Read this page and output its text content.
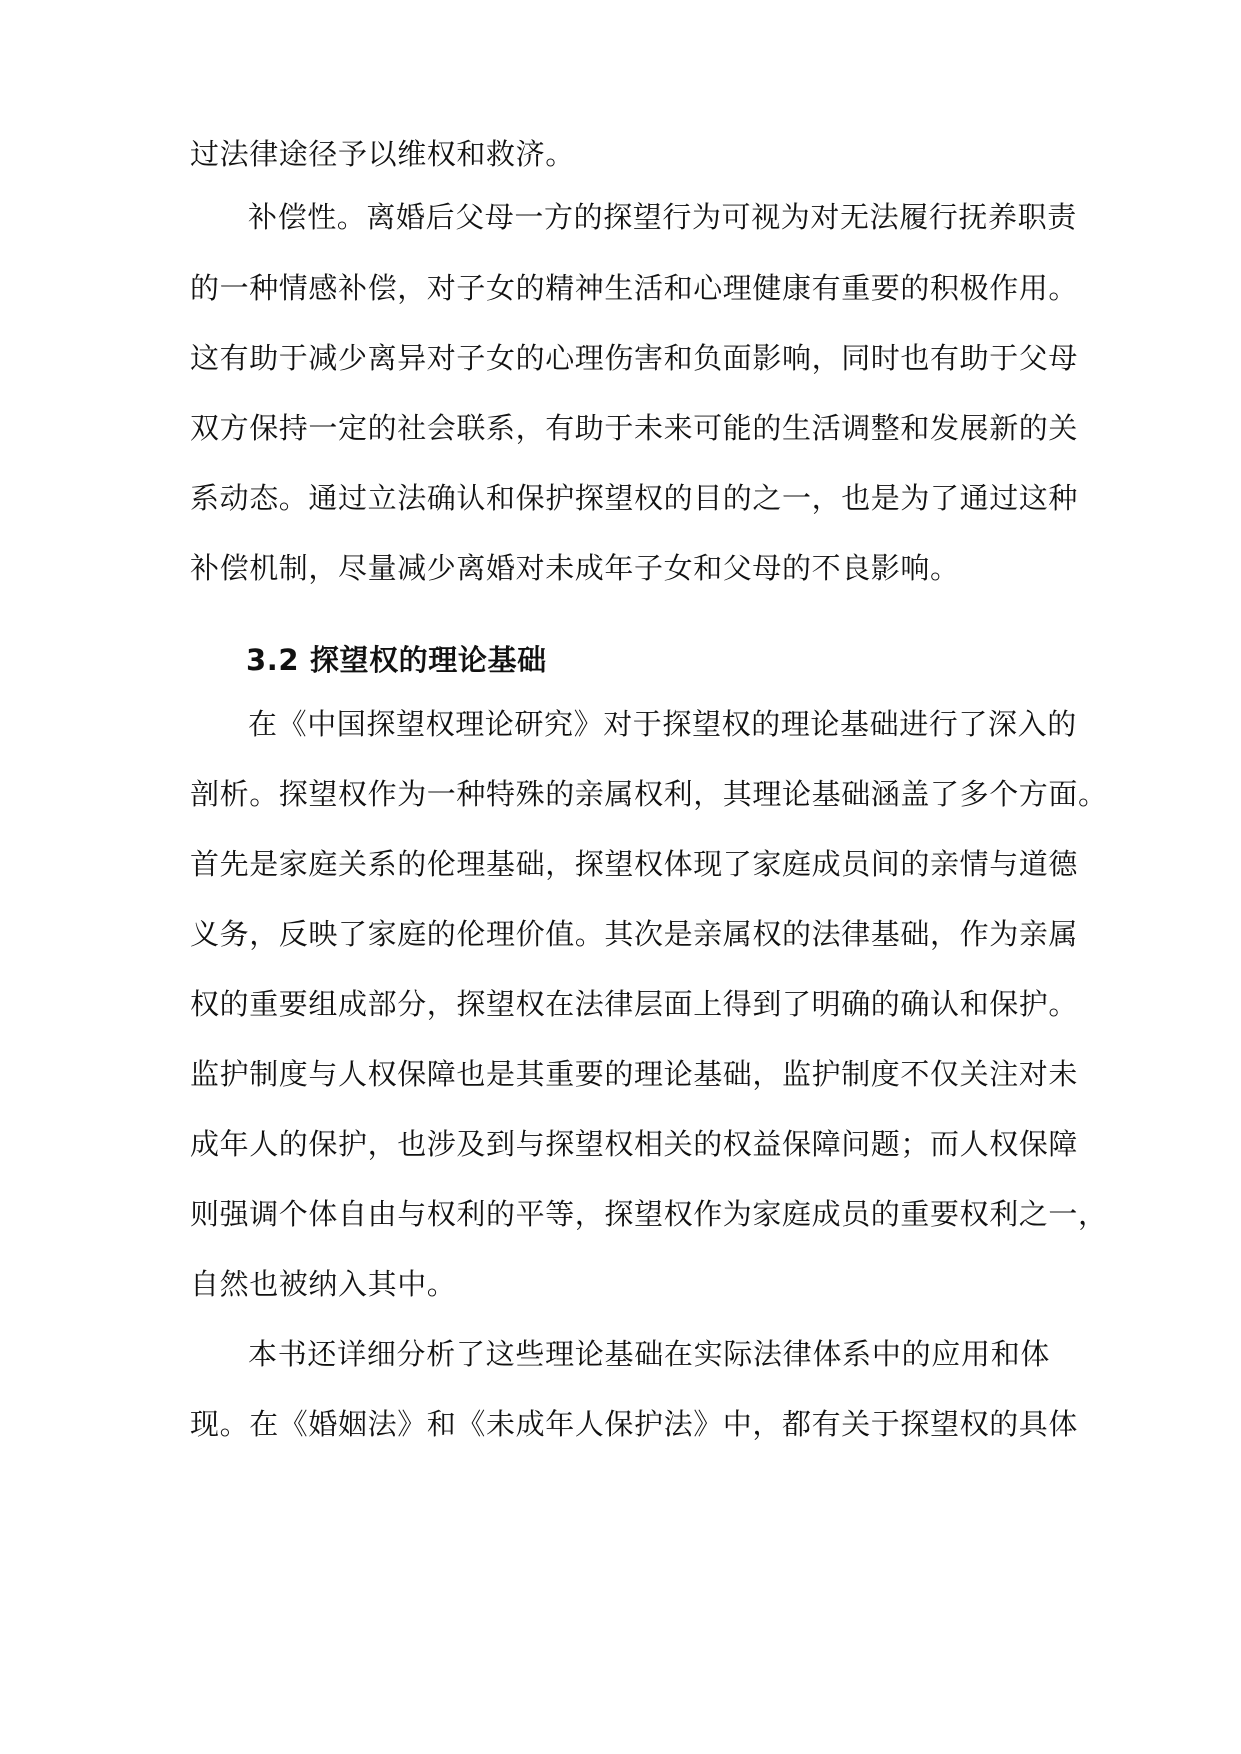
过法律途径予以维权和救济。
补偿性。离婚后父母一方的探望行为可视为对无法履行抚养职责
的一种情感补偿，对子女的精神生活和心理健康有重要的积极作用。
这有助于减少离异对子女的心理伤害和负面影响，同时也有助于父母
双方保持一定的社会联系，有助于未来可能的生活调整和发展新的关
系动态。通过立法确认和保护探望权的目的之一，也是为了通过这种
补偿机制，尽量减少离婚对未成年子女和父母的不良影响。
3.2 探望权的理论基础
在《中国探望权理论研究》对于探望权的理论基础进行了深入的
剖析。探望权作为一种特殊的亲属权利，其理论基础涵盖了多个方面。
首先是家庭关系的伦理基础，探望权体现了家庭成员间的亲情与道德
义务，反映了家庭的伦理价值。其次是亲属权的法律基础，作为亲属
权的重要组成部分，探望权在法律层面上得到了明确的确认和保护。
监护制度与人权保障也是其重要的理论基础，监护制度不仅关注对未
成年人的保护，也涉及到与探望权相关的权益保障问题；而人权保障
则强调个体自由与权利的平等，探望权作为家庭成员的重要权利之一，
自然也被纳入其中。
本书还详细分析了这些理论基础在实际法律体系中的应用和体
现。在《婚姻法》和《未成年人保护法》中，都有关于探望权的具体
